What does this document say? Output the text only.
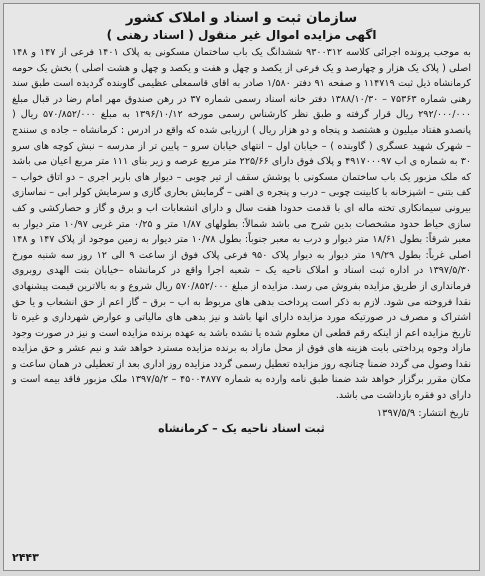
سازمان ثبت و اسناد و املاک کشور
اگهی مزایده اموال غیر منقول ( اسناد رهنی )

به موجب پرونده اجرائی کلاسه ۹۳۰۰۳۱۲ ششدانگ یک باب ساختمان مسکونی به پلاک ۱۴۰۱ فرعی از ۱۴۷ و ۱۴۸ اصلی ( پلاک یک هزار و چهارصد و یک فرعی از یکصد و چهل و هفت و یکصد و چهل و هشت اصلی ) بخش یک حومه کرمانشاه ذیل ثبت ۱۱۴۷۱۹ و صفحه ۹۱ دفتر ۱/۵۸۰ صادر به اقای قاسمعلی عظیمی گاوبنده گردیده است طبق سند رهنی شماره ۷۵۳۶۳ – ۱۳۸۸/۱۰/۳۰ دفتر خانه اسناد رسمی شماره ۳۷ در رهن صندوق مهر امام رضا در قبال مبلغ ۲۹۲/۰۰۰/۰۰۰ ریال قرار گرفته و طبق نظر کارشناس رسمی مورخه ۱۳۹۶/۱۰/۱۲ به مبلغ ۵۷۰/۸۵۲/۰۰۰ ریال ( پانصدو هفتاد میلیون و هشتصد و پنجاه و دو هزار ریال ) ارزیابی شده که واقع در ادرس : کرمانشاه – جاده ی سنندج – شهرک شهید عسگری ( گاوبنده ) – خیابان اول – انتهای خیابان سرو – پایین تر از مدرسه – نبش کوچه های سرو ۳۰ به شماره ی اب ۴۹۱۷۰۰۰۹۷ و پلاک فوق دارای ۲۲۵/۶۶ متر مربع عرصه و زیر بنای ۱۱۱ متر مربع اعیان می باشد که ملک مزبور یک باب ساختمان مسکونی با پوشش سقف از تیر چوبی – دیوار های باربر اجری – دو اتاق خواب – کف بتنی – اشپزخانه با کابینت چوبی – درب و پنجره ی اهنی – گرمایش بخاری گازی و سرمایش کولر ابی – نماسازی بیرونی سیمانکاری تخته ماله ای با قدمت حدودا هفت سال و دارای انشعابات اب و برق و گاز و حصارکشی و کف سازی حیاط حدود مشخصات بدین شرح می باشد شمالاً: بطولهای ۱/۸۷ متر و ۰/۲۵ متر غربی ۱۰/۹۷ متر دیوار به معبر شرقاً: بطول ۱۸/۶۱ متر دیوار و درب به معبر جنوباً: بطول ۱۰/۷۸ متر دیوار به زمین موجود از پلاک ۱۴۷ و ۱۴۸ اصلی غرباً: بطول ۱۹/۲۹ متر دیوار به دیوار پلاک ۹۵۰ فرعی پلاک فوق از ساعت ۹ الی ۱۲ روز سه شنبه مورخ ۱۳۹۷/۵/۳۰ در اداره ثبت اسناد و املاک ناحیه یک – شعبه اجرا واقع در کرمانشاه –خیابان بنت الهدی روبروی فرمانداری از طریق مزایده بفروش می رسد. مزایده از مبلغ ۵۷۰/۸۵۲/۰۰۰ ریال شروع و به بالاترین قیمت پیشنهادی نقدا فروخته می شود. لازم به ذکر است پرداخت بدهی های مربوط به اب – برق – گاز اعم از حق انشعاب و یا حق اشتراک و مصرف در صورتیکه مورد مزایده دارای انها باشد و نیز بدهی های مالیاتی و عوارض شهرداری و غیره تا تاریخ مزایده اعم از اینکه رقم قطعی ان معلوم شده یا نشده باشد به عهده برنده مزایده است و نیز در صورت وجود مازاد وجوه پرداختی بابت هزینه های فوق از محل مازاد به برنده مزایده مسترد خواهد شد و نیم عشر و حق مزایده نقدا وصول می گردد ضمنا چنانچه روز مزایده تعطیل رسمی گردد مزایده روز اداری بعد از تعطیلی در همان ساعت و مکان مقرر برگزار خواهد شد ضمنا طبق نامه وارده به شماره ۴۵۰۰۴۸۷۷ – ۱۳۹۷/۵/۲ ملک مزبور فاقد بیمه است و دارای دو فقره بازداشت می باشد.

تاریخ انتشار: ۱۳۹۷/۵/۹
ثبت اسناد ناحیه یک – کرمانشاه
۲۴۴۳
